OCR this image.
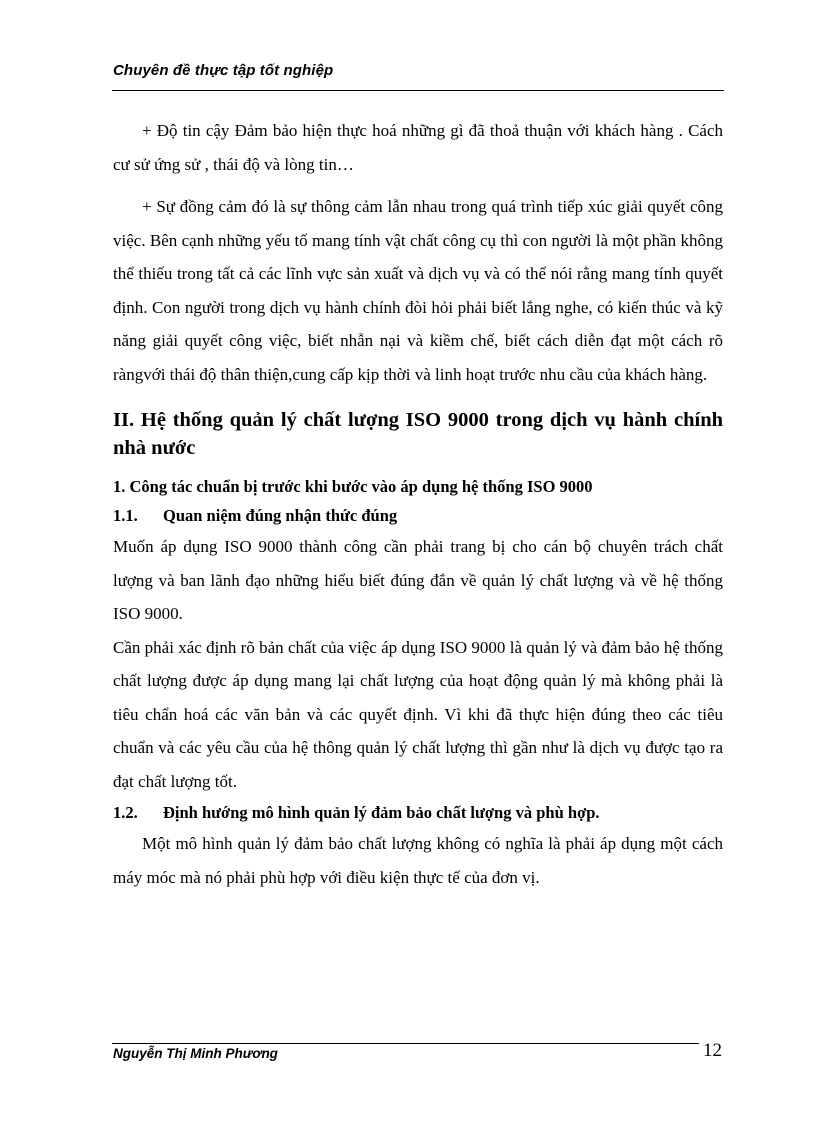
Chuyên đề thực tập tốt nghiệp

+ Độ tin cậy Đảm bảo hiện thực hoá những gì đã thoả thuận với khách hàng . Cách cư sử ứng sử , thái độ và lòng tin…

+ Sự đồng cảm đó là sự thông cảm lẫn nhau trong quá trình tiếp xúc giải quyết công việc. Bên cạnh những yếu tố mang tính vật chất công cụ thì con người là một phần không thể thiếu trong tất cả các lĩnh vực sản xuất và dịch vụ và có thể nói rằng mang tính quyết định. Con người trong dịch vụ hành chính đòi hỏi phải biết lắng nghe, có kiến thúc và kỹ năng giải quyết công việc, biết nhẫn nại và kiềm chế, biết cách diễn đạt một cách rõ ràngvới thái độ thân thiện,cung cấp kịp thời và linh hoạt trước nhu cầu của khách hàng.

II. Hệ thống quản lý chất lượng ISO 9000 trong dịch vụ hành chính nhà nước
1. Công tác chuẩn bị trước khi bước vào áp dụng hệ thống ISO 9000
1.1. Quan niệm đúng nhận thức đúng

Muốn áp dụng ISO 9000 thành công cần phải trang bị cho cán bộ chuyên trách chất lượng và ban lãnh đạo những hiểu biết đúng đắn về quản lý chất lượng và về hệ thống ISO 9000.

Cần phải xác định rõ bản chất của việc áp dụng ISO 9000 là quản lý và đảm bảo hệ thống chất lượng được áp dụng mang lại chất lượng của hoạt động quản lý mà không phải là tiêu chẩn hoá các văn bản và các quyết định. Vì khi đã thực hiện đúng theo các tiêu chuẩn và các yêu cầu của hệ thông quản lý chất lượng thì gần như là dịch vụ được tạo ra đạt chất lượng tốt.

1.2. Định hướng mô hình quản lý đảm bảo chất lượng và phù hợp.

Một mô hình quản lý đảm bảo chất lượng không có nghĩa là phải áp dụng một cách máy móc mà nó phải phù hợp với điều kiện thực tế của đơn vị.

Nguyễn Thị Minh Phương	12
